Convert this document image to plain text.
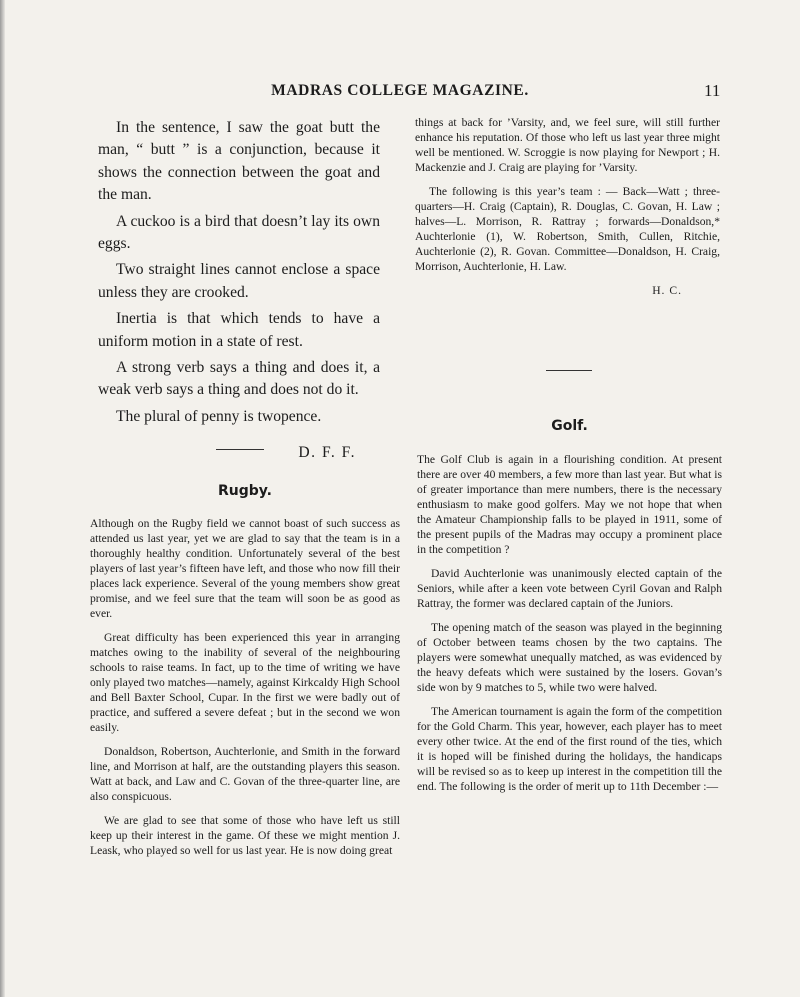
MADRAS COLLEGE MAGAZINE.	11

In the sentence, I saw the goat butt the man, “ butt ” is a conjunction, because it shows the connection between the goat and the man.

A cuckoo is a bird that doesn’t lay its own eggs.

Two straight lines cannot enclose a space unless they are crooked.

Inertia is that which tends to have a uniform motion in a state of rest.

A strong verb says a thing and does it, a weak verb says a thing and does not do it.

The plural of penny is twopence.

D. F. F.

Rugby.

Although on the Rugby field we cannot boast of such success as attended us last year, yet we are glad to say that the team is in a thoroughly healthy condition. Unfortunately several of the best players of last year’s fifteen have left, and those who now fill their places lack experience. Several of the young members show great promise, and we feel sure that the team will soon be as good as ever.

Great difficulty has been experienced this year in arranging matches owing to the inability of several of the neighbouring schools to raise teams. In fact, up to the time of writing we have only played two matches—namely, against Kirkcaldy High School and Bell Baxter School, Cupar. In the first we were badly out of practice, and suffered a severe defeat ; but in the second we won easily.

Donaldson, Robertson, Auchterlonie, and Smith in the forward line, and Morrison at half, are the outstanding players this season. Watt at back, and Law and C. Govan of the three-quarter line, are also conspicuous.

We are glad to see that some of those who have left us still keep up their interest in the game. Of these we might mention J. Leask, who played so well for us last year. He is now doing great

things at back for ’Varsity, and, we feel sure, will still further enhance his reputation. Of those who left us last year three might well be mentioned. W. Scroggie is now playing for Newport ; H. Mackenzie and J. Craig are playing for ’Varsity.

The following is this year’s team : — Back—Watt ; three-quarters—H. Craig (Captain), R. Douglas, C. Govan, H. Law ; halves—L. Morrison, R. Rattray ; forwards—Donaldson,* Auchterlonie (1), W. Robertson, Smith, Cullen, Ritchie, Auchterlonie (2), R. Govan. Committee—Donaldson, H. Craig, Morrison, Auchterlonie, H. Law.

H. C.

Golf.

The Golf Club is again in a flourishing condition. At present there are over 40 members, a few more than last year. But what is of greater importance than mere numbers, there is the necessary enthusiasm to make good golfers. May we not hope that when the Amateur Championship falls to be played in 1911, some of the present pupils of the Madras may occupy a prominent place in the competition ?

David Auchterlonie was unanimously elected captain of the Seniors, while after a keen vote between Cyril Govan and Ralph Rattray, the former was declared captain of the Juniors.

The opening match of the season was played in the beginning of October between teams chosen by the two captains. The players were somewhat unequally matched, as was evidenced by the heavy defeats which were sustained by the losers. Govan’s side won by 9 matches to 5, while two were halved.

The American tournament is again the form of the competition for the Gold Charm. This year, however, each player has to meet every other twice. At the end of the first round of the ties, which it is hoped will be finished during the holidays, the handicaps will be revised so as to keep up interest in the competition till the end. The following is the order of merit up to 11th December :—
